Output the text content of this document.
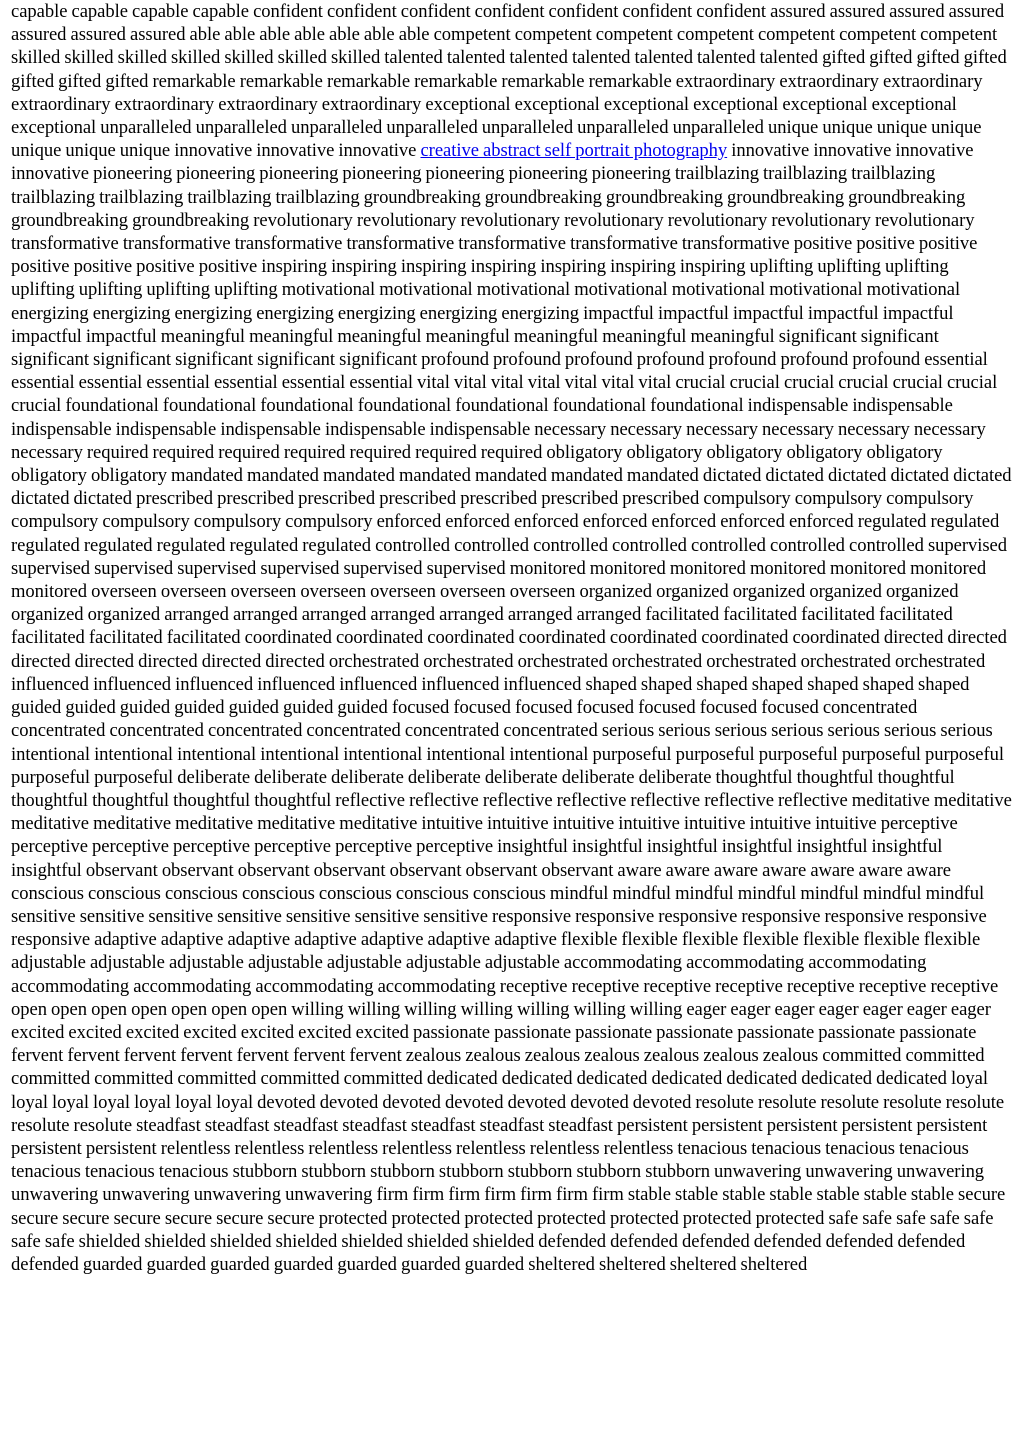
capable capable capable capable confident confident confident confident confident confident confident assured assured assured assured assured assured assured able able able able able able able competent competent competent competent competent competent competent skilled skilled skilled skilled skilled skilled skilled talented talented talented talented talented talented talented gifted gifted gifted gifted gifted gifted gifted remarkable remarkable remarkable remarkable remarkable remarkable extraordinary extraordinary extraordinary extraordinary extraordinary extraordinary extraordinary exceptional exceptional exceptional exceptional exceptional exceptional exceptional unparalleled unparalleled unparalleled unparalleled unparalleled unparalleled unparalleled unique unique unique unique unique unique unique innovative innovative innovative creative abstract self portrait photography innovative innovative innovative innovative pioneering pioneering pioneering pioneering pioneering pioneering pioneering trailblazing trailblazing trailblazing trailblazing trailblazing trailblazing trailblazing groundbreaking groundbreaking groundbreaking groundbreaking groundbreaking groundbreaking groundbreaking revolutionary revolutionary revolutionary revolutionary revolutionary revolutionary revolutionary transformative transformative transformative transformative transformative transformative transformative positive positive positive positive positive positive positive inspiring inspiring inspiring inspiring inspiring inspiring inspiring uplifting uplifting uplifting uplifting uplifting uplifting uplifting motivational motivational motivational motivational motivational motivational motivational energizing energizing energizing energizing energizing energizing energizing impactful impactful impactful impactful impactful impactful impactful meaningful meaningful meaningful meaningful meaningful meaningful meaningful significant significant significant significant significant significant significant profound profound profound profound profound profound profound essential essential essential essential essential essential essential vital vital vital vital vital vital vital crucial crucial crucial crucial crucial crucial crucial foundational foundational foundational foundational foundational foundational foundational indispensable indispensable indispensable indispensable indispensable indispensable indispensable necessary necessary necessary necessary necessary necessary necessary required required required required required required required obligatory obligatory obligatory obligatory obligatory obligatory obligatory mandated mandated mandated mandated mandated mandated mandated dictated dictated dictated dictated dictated dictated dictated prescribed prescribed prescribed prescribed prescribed prescribed prescribed compulsory compulsory compulsory compulsory compulsory compulsory compulsory enforced enforced enforced enforced enforced enforced enforced regulated regulated regulated regulated regulated regulated regulated controlled controlled controlled controlled controlled controlled controlled supervised supervised supervised supervised supervised supervised supervised monitored monitored monitored monitored monitored monitored monitored overseen overseen overseen overseen overseen overseen overseen organized organized organized organized organized organized organized arranged arranged arranged arranged arranged arranged arranged facilitated facilitated facilitated facilitated facilitated facilitated facilitated coordinated coordinated coordinated coordinated coordinated coordinated coordinated directed directed directed directed directed directed directed orchestrated orchestrated orchestrated orchestrated orchestrated orchestrated orchestrated influenced influenced influenced influenced influenced influenced influenced shaped shaped shaped shaped shaped shaped shaped guided guided guided guided guided guided guided focused focused focused focused focused focused focused concentrated concentrated concentrated concentrated concentrated concentrated concentrated serious serious serious serious serious serious serious intentional intentional intentional intentional intentional intentional intentional purposeful purposeful purposeful purposeful purposeful purposeful purposeful deliberate deliberate deliberate deliberate deliberate deliberate deliberate thoughtful thoughtful thoughtful thoughtful thoughtful thoughtful thoughtful reflective reflective reflective reflective reflective reflective reflective meditative meditative meditative meditative meditative meditative meditative intuitive intuitive intuitive intuitive intuitive intuitive intuitive perceptive perceptive perceptive perceptive perceptive perceptive perceptive insightful insightful insightful insightful insightful insightful insightful observant observant observant observant observant observant observant aware aware aware aware aware aware aware conscious conscious conscious conscious conscious conscious conscious mindful mindful mindful mindful mindful mindful mindful sensitive sensitive sensitive sensitive sensitive sensitive sensitive responsive responsive responsive responsive responsive responsive responsive adaptive adaptive adaptive adaptive adaptive adaptive adaptive flexible flexible flexible flexible flexible flexible flexible adjustable adjustable adjustable adjustable adjustable adjustable adjustable accommodating accommodating accommodating accommodating accommodating accommodating accommodating receptive receptive receptive receptive receptive receptive receptive open open open open open open open willing willing willing willing willing willing willing eager eager eager eager eager eager eager excited excited excited excited excited excited excited passionate passionate passionate passionate passionate passionate passionate fervent fervent fervent fervent fervent fervent fervent zealous zealous zealous zealous zealous zealous zealous committed committed committed committed committed committed committed dedicated dedicated dedicated dedicated dedicated dedicated dedicated loyal loyal loyal loyal loyal loyal loyal devoted devoted devoted devoted devoted devoted devoted resolute resolute resolute resolute resolute resolute resolute steadfast steadfast steadfast steadfast steadfast steadfast steadfast persistent persistent persistent persistent persistent persistent persistent relentless relentless relentless relentless relentless relentless relentless tenacious tenacious tenacious tenacious tenacious tenacious tenacious stubborn stubborn stubborn stubborn stubborn stubborn stubborn unwavering unwavering unwavering unwavering unwavering unwavering unwavering firm firm firm firm firm firm firm stable stable stable stable stable stable stable secure secure secure secure secure secure secure protected protected protected protected protected protected protected safe safe safe safe safe safe safe shielded shielded shielded shielded shielded shielded shielded defended defended defended defended defended defended defended guarded guarded guarded guarded guarded guarded guarded sheltered sheltered sheltered sheltered
